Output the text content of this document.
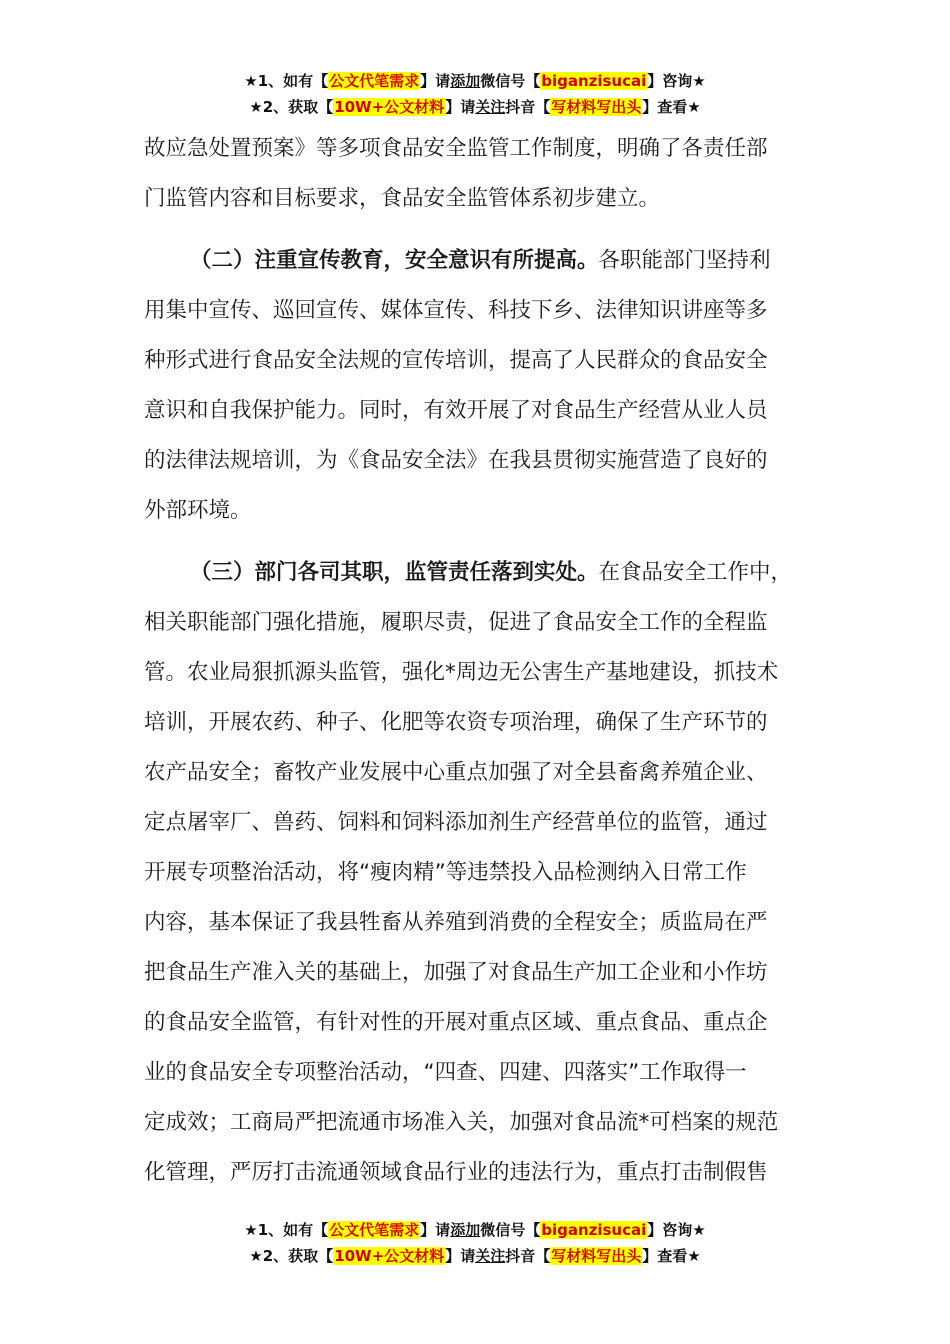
★1、如有【公文代笔需求】请添加微信号【biganzisucai】咨询★
★2、获取【10W+公文材料】请关注抖音【写材料写出头】查看★
故应急处置预案》等多项食品安全监管工作制度，明确了各责任部
门监管内容和目标要求，食品安全监管体系初步建立。
（二）注重宣传教育，安全意识有所提高。各职能部门坚持利
用集中宣传、巡回宣传、媒体宣传、科技下乡、法律知识讲座等多
种形式进行食品安全法规的宣传培训，提高了人民群众的食品安全
意识和自我保护能力。同时，有效开展了对食品生产经营从业人员
的法律法规培训，为《食品安全法》在我县贯彻实施营造了良好的
外部环境。
（三）部门各司其职，监管责任落到实处。在食品安全工作中，
相关职能部门强化措施，履职尽责，促进了食品安全工作的全程监
管。农业局狠抓源头监管，强化*周边无公害生产基地建设，抓技术
培训，开展农药、种子、化肥等农资专项治理，确保了生产环节的
农产品安全；畜牧产业发展中心重点加强了对全县畜禽养殖企业、
定点屠宰厂、兽药、饲料和饲料添加剂生产经营单位的监管，通过
开展专项整治活动，将“瘦肉精”等违禁投入品检测纳入日常工作
内容，基本保证了我县牲畜从养殖到消费的全程安全；质监局在严
把食品生产准入关的基础上，加强了对食品生产加工企业和小作坊
的食品安全监管，有针对性的开展对重点区域、重点食品、重点企
业的食品安全专项整治活动，“四查、四建、四落实”工作取得一
定成效；工商局严把流通市场准入关，加强对食品流*可档案的规范
化管理，严厉打击流通领域食品行业的违法行为，重点打击制假售
★1、如有【公文代笔需求】请添加微信号【biganzisucai】咨询★
★2、获取【10W+公文材料】请关注抖音【写材料写出头】查看★
